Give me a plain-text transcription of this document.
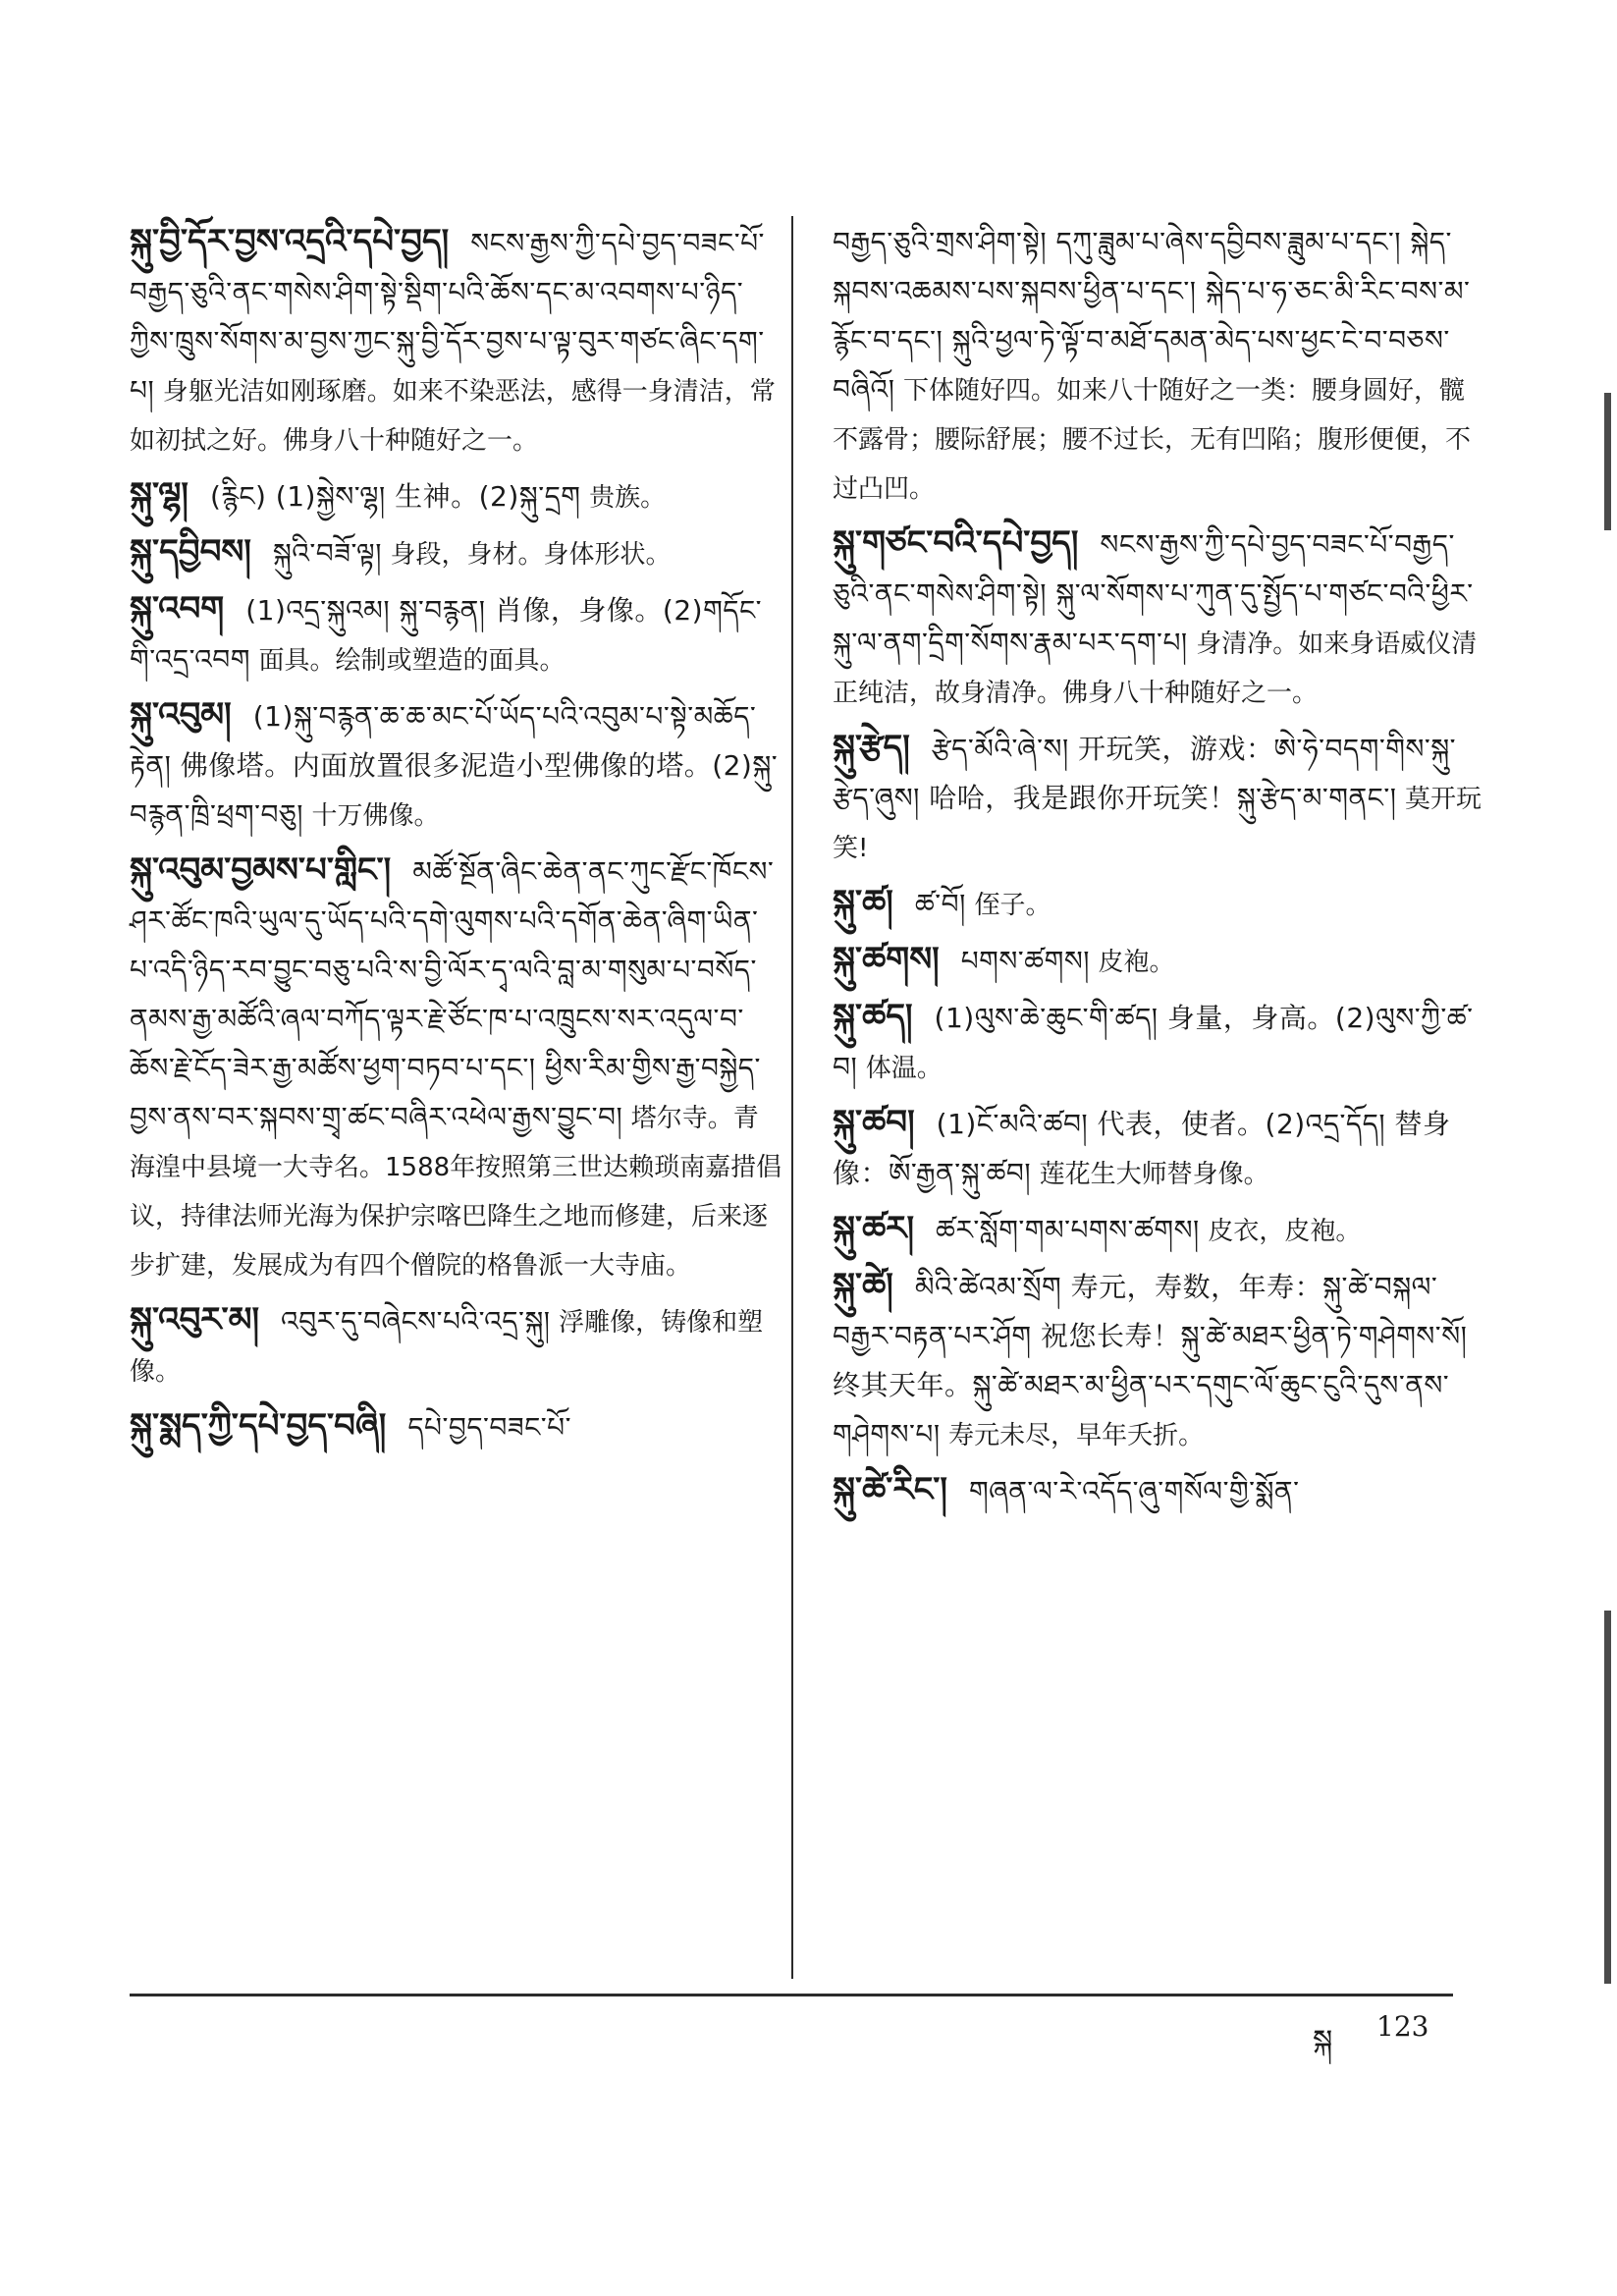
སྐུ་བྱི་དོར་བྱས་འདྲའི་དཔེ་བྱད། སངས་རྒྱས་ཀྱི་དཔེ་བྱད་བཟང་པོ་བརྒྱད་ཅུའི་ནང་གསེས་ཤིག་སྟེ་སྡིག་པའི་ཆོས་དང་མ་འབགས་པ་ཉིད་ཀྱིས་ཁྲུས་སོགས་མ་བྱས་ཀྱང་སྐུ་བྱི་དོར་བྱས་པ་ལྟ་བུར་གཙང་ཞིང་དག་པ། 身躯光洁如刚琢磨。如来不染恶法，感得一身清洁，常如初拭之好。佛身八十种随好之一。
སྐུ་ལྷ། (རྙིང) (1)སྐྱེས་ལྷ། 生神。(2)སྐུ་དྲག 贵族。
སྐུ་དབྱིབས། སྐུའི་བཟོ་ལྟ། 身段，身材。身体形状。
སྐུ་འབག (1)འདྲ་སྐུའམ། སྐུ་བརྙན། 肖像，身像。(2)གདོང་གི་འདྲ་འབག 面具。绘制或塑造的面具。
སྐུ་འབུམ། (1)སྐུ་བརྙན་ཆ་ཆ་མང་པོ་ཡོད་པའི་འབུམ་པ་སྟེ་མཆོད་རྟེན། 佛像塔。内面放置很多泥造小型佛像的塔。(2)སྐུ་བརྙན་ཁྲི་ཕྲག་བཅུ། 十万佛像。
སྐུ་འབུམ་བྱམས་པ་གླིང་། མཚོ་སྔོན་ཞིང་ཆེན་ནང་ཀུང་རྫོང་ཁོངས་ཤར་ཚོང་ཁའི་ཡུལ་དུ་ཡོད་པའི་དགེ་ལུགས་པའི་དགོན་ཆེན་ཞིག་ཡིན་པ་འདི་ཉིད་རབ་བྱུང་བཅུ་པའི་ས་བྱི་ལོར་དྭ་ལའི་བླ་མ་གསུམ་པ་བསོད་ནམས་རྒྱ་མཚོའི་ཞལ་བཀོད་ལྟར་རྗེ་ཙོང་ཁ་པ་འཁྲུངས་སར་འདུལ་བ་ཆོས་རྗེ་ངོད་ཟེར་རྒྱ་མཚོས་ཕྱག་བཏབ་པ་དང་། ཕྱིས་རིམ་གྱིས་རྒྱ་བསྐྱེད་བྱས་ནས་བར་སྐབས་གྲྭ་ཚང་བཞིར་འཕེལ་རྒྱས་བྱུང་བ། 塔尔寺。青海湟中县境一大寺名。1588年按照第三世达赖琐南嘉措倡议，持律法师光海为保护宗喀巴降生之地而修建，后来逐步扩建，发展成为有四个僧院的格鲁派一大寺庙。
སྐུ་འབུར་མ། འབུར་དུ་བཞེངས་པའི་འདྲ་སྐུ། 浮雕像，铸像和塑像。
སྐུ་སྨད་ཀྱི་དཔེ་བྱད་བཞི། དཔེ་བྱད་བཟང་པོ་
བརྒྱད་ཅུའི་གྲས་ཤིག་སྟེ། དཀུ་ཟླུམ་པ་ཞེས་དབྱིབས་ཟླུམ་པ་དང་། སྐེད་སྐབས་འཆམས་པས་སྐབས་ཕྱིན་པ་དང་། སྐེད་པ་ཧ་ཅང་མི་རིང་བས་མ་རྙོང་བ་དང་། སྐུའི་ཕྱལ་ཏེ་ལྟོ་བ་མཐོ་དམན་མེད་པས་ཕྱང་ངེ་བ་བཅས་བཞིའོ། 下体随好四。如来八十随好之一类：腰身圆好，髋不露骨；腰际舒展；腰不过长，无有凹陷；腹形便便，不过凸凹。
སྐུ་གཙང་བའི་དཔེ་བྱད། སངས་རྒྱས་ཀྱི་དཔེ་བྱད་བཟང་པོ་བརྒྱད་ཅུའི་ནང་གསེས་ཤིག་སྟེ། སྐུ་ལ་སོགས་པ་ཀུན་དུ་སྤྱོད་པ་གཙང་བའི་ཕྱིར་སྐུ་ལ་ནག་དྲིག་སོགས་རྣམ་པར་དག་པ། 身清净。如来身语威仪清正纯洁，故身清净。佛身八十种随好之一。
སྐུ་རྩེད། རྩེད་མོའི་ཞེ་ས། 开玩笑，游戏：ཨེ་ཧེ་བདག་གིས་སྐུ་རྩེད་ཞུས། 哈哈，我是跟你开玩笑！སྐུ་རྩེད་མ་གནང་། 莫开玩笑!
སྐུ་ཚ། ཚ་བོ། 侄子。
སྐུ་ཚགས། པགས་ཚགས། 皮袍。
སྐུ་ཚད། (1)ལུས་ཆེ་ཆུང་གི་ཚད། 身量，身高。(2)ལུས་ཀྱི་ཚ་བ། 体温。
སྐུ་ཚབ། (1)ངོ་མའི་ཚབ། 代表，使者。(2)འདྲ་དོད། 替身像：ཨོ་རྒྱན་སྐུ་ཚབ། 莲花生大师替身像。
སྐུ་ཚར། ཚར་སློག་གམ་པགས་ཚགས། 皮衣，皮袍。
སྐུ་ཚེ། མིའི་ཚེའམ་སྲོག 寿元，寿数，年寿：སྐུ་ཚེ་བསྐལ་བརྒྱར་བརྟན་པར་ཤོག 祝您长寿！སྐུ་ཚེ་མཐར་ཕྱིན་ཏེ་གཤེགས་སོ། 终其天年。སྐུ་ཚེ་མཐར་མ་ཕྱིན་པར་དགུང་ལོ་ཆུང་ངུའི་དུས་ནས་གཤེགས་པ། 寿元未尽，早年夭折。
སྐུ་ཚེ་རིང་། གཞན་ལ་རེ་འདོད་ཞུ་གསོལ་གྱི་སྨོན་
སྐ 123
